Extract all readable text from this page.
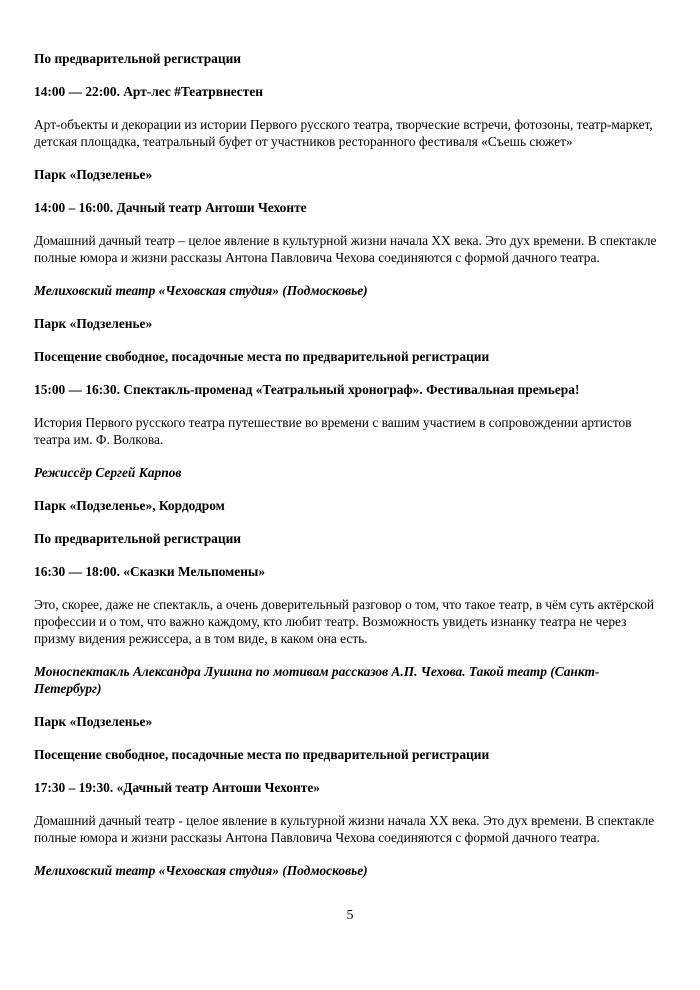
По предварительной регистрации
14:00 — 22:00. Арт-лес #Театрвнестен
Арт-объекты и декорации из истории Первого русского театра, творческие встречи, фотозоны, театр-маркет, детская площадка, театральный буфет от участников ресторанного фестиваля «Съешь сюжет»
Парк «Подзеленье»
14:00 – 16:00. Дачный театр Антоши Чехонте
Домашний дачный театр – целое явление в культурной жизни начала XX века. Это дух времени. В спектакле полные юмора и жизни рассказы Антона Павловича Чехова соединяются с формой дачного театра.
Мелиховский театр «Чеховская студия» (Подмосковье)
Парк «Подзеленье»
Посещение свободное, посадочные места по предварительной регистрации
15:00 — 16:30. Спектакль-променад «Театральный хронограф». Фестивальная премьера!
История Первого русского театра путешествие во времени с вашим участием в сопровождении артистов театра им. Ф. Волкова.
Режиссёр Сергей Карпов
Парк «Подзеленье», Кордодром
По предварительной регистрации
16:30 — 18:00. «Сказки Мельпомены»
Это, скорее, даже не спектакль, а очень доверительный разговор о том, что такое театр, в чём суть актёрской профессии и о том, что важно каждому, кто любит театр. Возможность увидеть изнанку театра не через призму видения режиссера, а в том виде, в каком она есть.
Моноспектакль Александра Лушина по мотивам рассказов А.П. Чехова. Такой театр (Санкт-Петербург)
Парк «Подзеленье»
Посещение свободное, посадочные места по предварительной регистрации
17:30 – 19:30. «Дачный театр Антоши Чехонте»
Домашний дачный театр - целое явление в культурной жизни начала XX века. Это дух времени. В спектакле полные юмора и жизни рассказы Антона Павловича Чехова соединяются с формой дачного театра.
Мелиховский театр «Чеховская студия» (Подмосковье)
5
